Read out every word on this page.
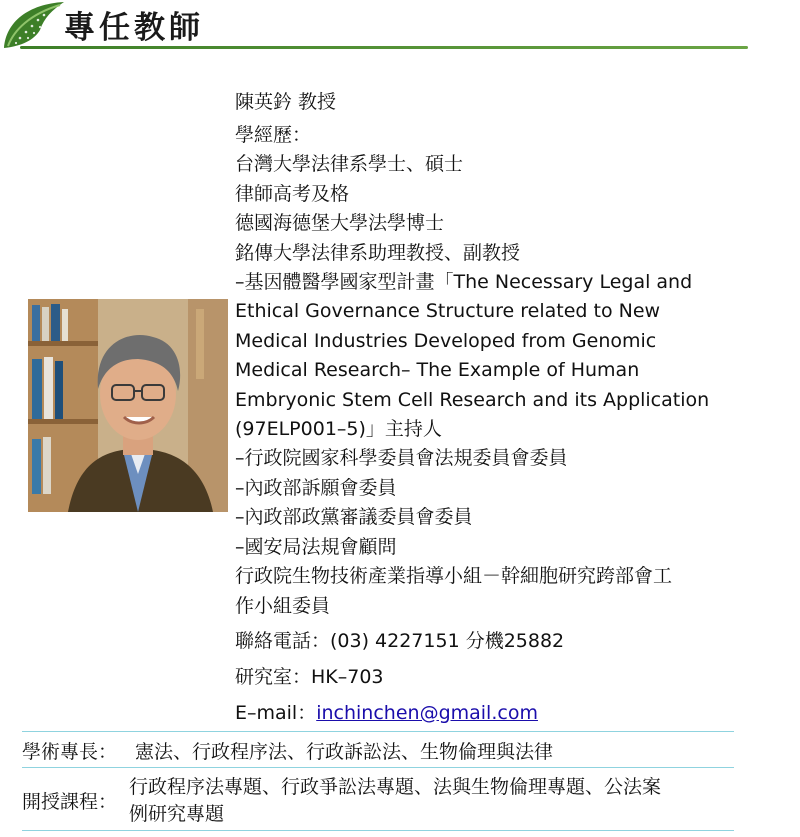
專任教師
陳英鈐 教授
學經歷：
台灣大學法律系學士、碩士
律師高考及格
德國海德堡大學法學博士
銘傳大學法律系助理教授、副教授
–基因體醫學國家型計畫「The Necessary Legal and
Ethical Governance Structure related to New
Medical Industries Developed from Genomic
Medical Research– The Example of Human
Embryonic Stem Cell Research and its Application
(97ELP001–5)」主持人
–行政院國家科學委員會法規委員會委員
–內政部訴願會委員
–內政部政黨審議委員會委員
–國安局法規會顧問
行政院生物技術產業指導小組－幹細胞研究跨部會工
作小組委員
聯絡電話：(03) 4227151 分機25882
研究室：HK–703
E–mail：inchinchen@gmail.com
學術專長： 憲法、行政程序法、行政訴訟法、生物倫理與法律
開授課程：
行政程序法專題、行政爭訟法專題、法與生物倫理專題、公法案
例研究專題
